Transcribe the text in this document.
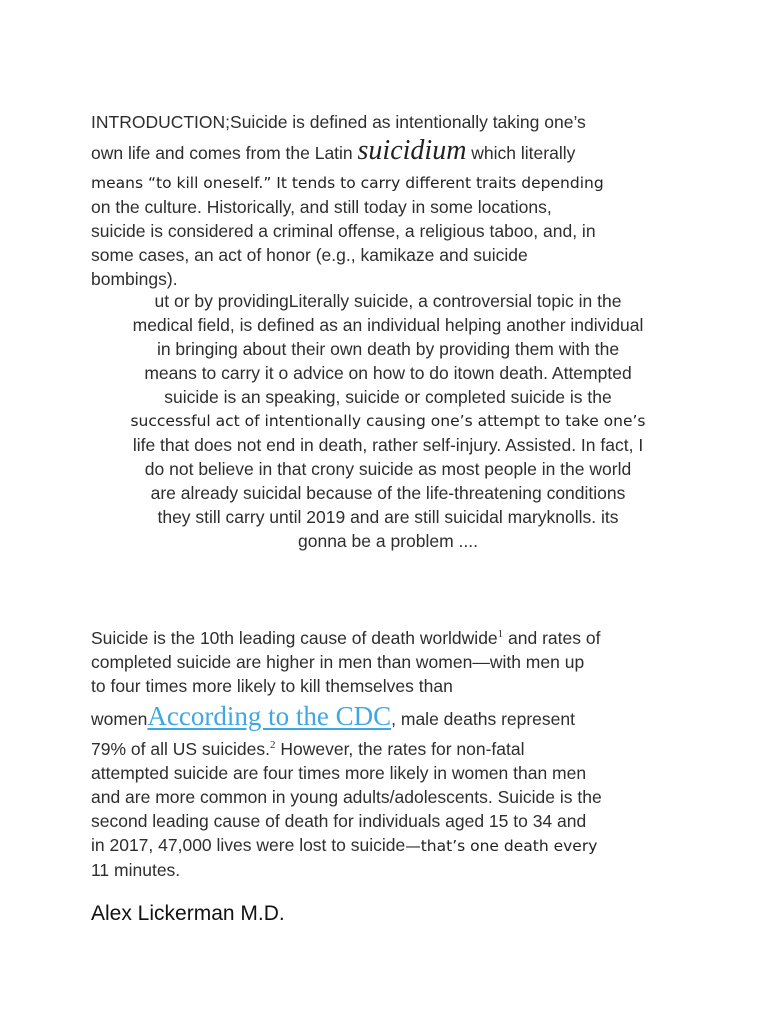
INTRODUCTION;Suicide is defined as intentionally taking one’s
own life and comes from the Latin suicidium which literally
means “to kill oneself.” It tends to carry different traits depending
on the culture. Historically, and still today in some locations,
suicide is considered a criminal offense, a religious taboo, and, in
some cases, an act of honor (e.g., kamikaze and suicide
bombings).
ut or by providingLiterally suicide, a controversial topic in the
medical field, is defined as an individual helping another individual
in bringing about their own death by providing them with the
means to carry it o advice on how to do itown death. Attempted
suicide is an speaking, suicide or completed suicide is the
successful act of intentionally causing one’s attempt to take one’s
life that does not end in death, rather self-injury. Assisted. In fact, I
do not believe in that crony suicide as most people in the world
are already suicidal because of the life-threatening conditions
they still carry until 2019 and are still suicidal maryknolls. its
gonna be a problem ....
Suicide is the 10th leading cause of death worldwide$^1$ and rates of
completed suicide are higher in men than women—with men up
to four times more likely to kill themselves than
womenAccording to the CDC, male deaths represent
79% of all US suicides.$^2$ However, the rates for non-fatal
attempted suicide are four times more likely in women than men
and are more common in young adults/adolescents. Suicide is the
second leading cause of death for individuals aged 15 to 34 and
in 2017, 47,000 lives were lost to suicide—that’s one death every
11 minutes.
Alex Lickerman M.D.
